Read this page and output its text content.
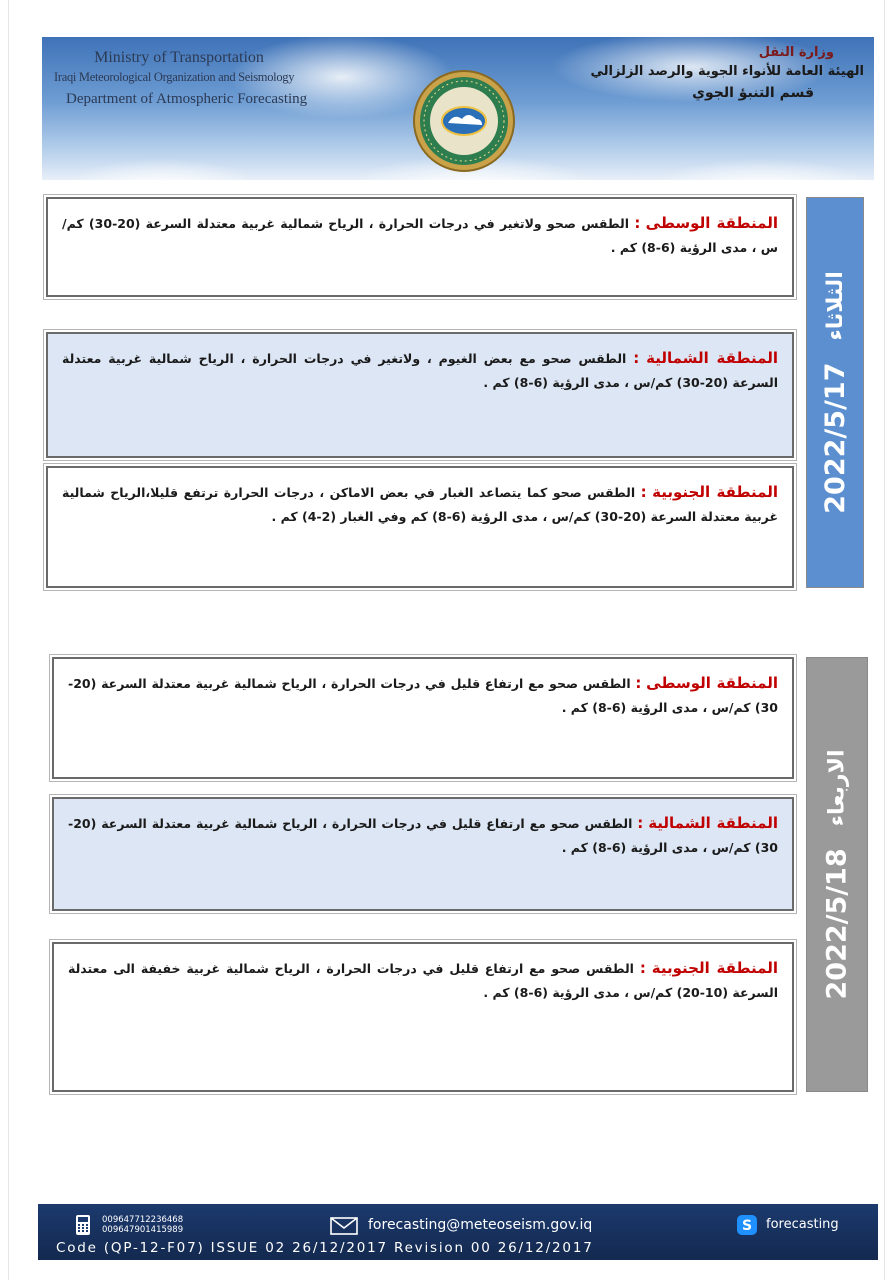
Ministry of Transportation
Iraqi Meteorological Organization and Seismology
Department of Atmospheric Forecasting
وزارة النقل
الهيئة العامة للأنواء الجوية والرصد الزلزالي
قسم التنبؤ الجوي
المنطقة الوسطى : الطقس صحو ولاتغير في درجات الحرارة ، الرياح شمالية غربية معتدلة السرعة (20-30) كم/س ، مدى الرؤية (6-8) كم .
المنطقة الشمالية : الطقس صحو مع بعض الغيوم ، ولاتغير في درجات الحرارة ، الرياح شمالية غربية معتدلة السرعة (20-30) كم/س ، مدى الرؤية (6-8) كم .
المنطقة الجنوبية : الطقس صحو كما يتصاعد الغبار في بعض الاماكن ، درجات الحرارة ترتفع قليلا،الرياح شمالية غربية معتدلة السرعة (20-30) كم/س ، مدى الرؤية (6-8) كم وفي الغبار (2-4) كم .
2022/5/17
الثلاثاء
المنطقة الوسطى : الطقس صحو مع ارتفاع قليل في درجات الحرارة ، الرياح شمالية غربية معتدلة السرعة (20-30) كم/س ، مدى الرؤية (6-8) كم .
المنطقة الشمالية : الطقس صحو مع ارتفاع قليل في درجات الحرارة ، الرياح شمالية غربية معتدلة السرعة (20-30) كم/س ، مدى الرؤية (6-8) كم .
المنطقة الجنوبية : الطقس صحو مع ارتفاع قليل في درجات الحرارة ، الرياح شمالية غربية خفيفة الى معتدلة السرعة (10-20) كم/س ، مدى الرؤية (6-8) كم .	2022/5/18
الاربعاء
009647712236468
009647901415989	forecasting@meteoseism.gov.iq	S forecasting
Code (QP-12-F07) ISSUE 02 26/12/2017 Revision 00 26/12/2017
